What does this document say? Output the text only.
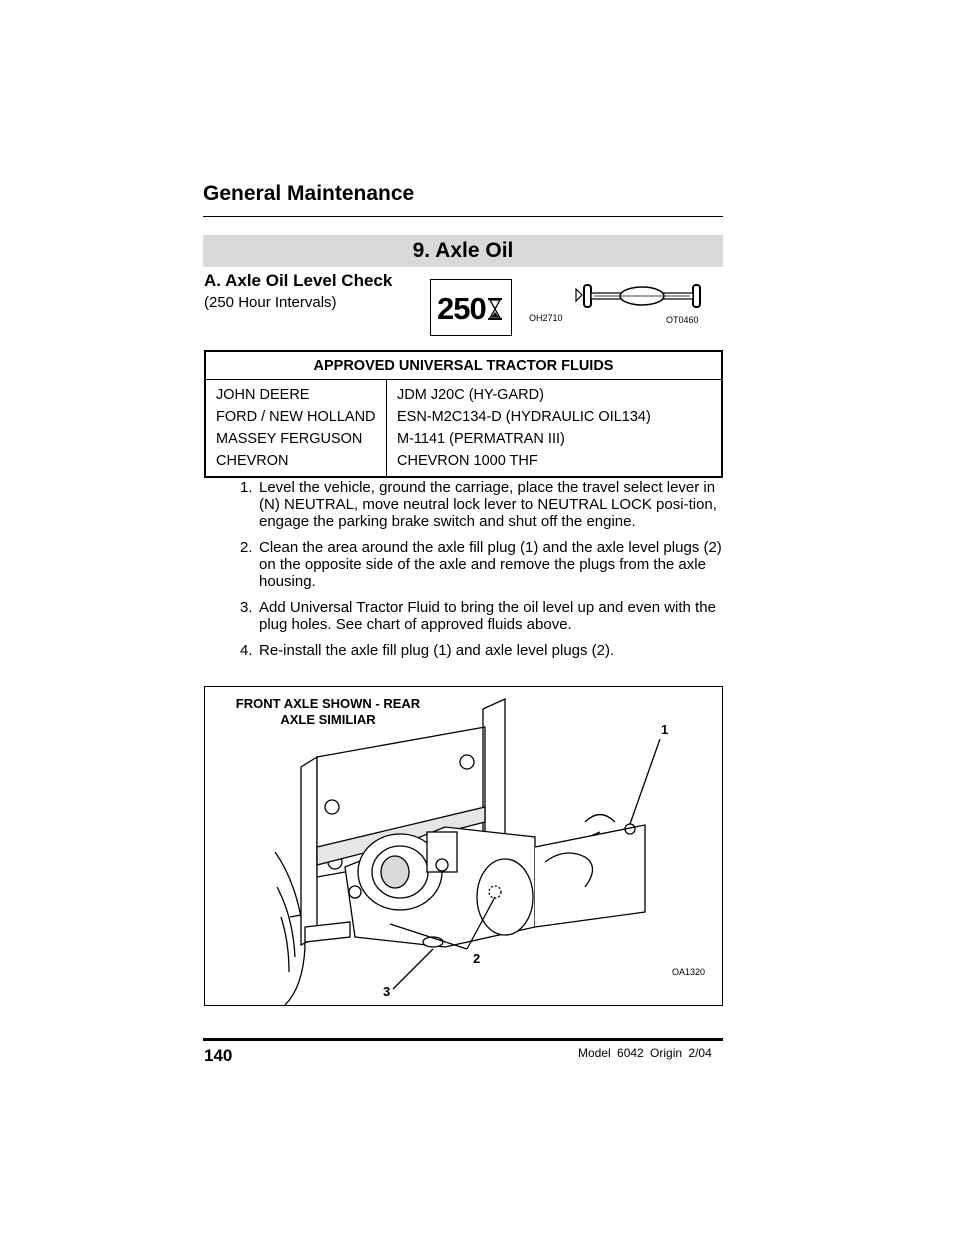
General Maintenance
9. Axle Oil
A. Axle Oil Level Check
(250 Hour Intervals)	250	OH2710	OT0460
APPROVED UNIVERSAL TRACTOR FLUIDS	
JOHN DEERE	JDM J20C (HY-GARD)
FORD / NEW HOLLAND	ESN-M2C134-D (HYDRAULIC OIL134)
MASSEY FERGUSON	M-1141 (PERMATRAN III)
CHEVRON	CHEVRON 1000 THF
1. Level the vehicle, ground the carriage, place the travel select lever in (N) NEUTRAL, move neutral lock lever to NEUTRAL LOCK posi-tion, engage the parking brake switch and shut off the engine.
2. Clean the area around the axle fill plug (1) and the axle level plugs (2) on the opposite side of the axle and remove the plugs from the axle housing.
3. Add Universal Tractor Fluid to bring the oil level up and even with the plug holes. See chart of approved fluids above.
4. Re-install the axle fill plug (1) and axle level plugs (2).
FRONT AXLE SHOWN - REAR
AXLE SIMILIAR
1
2
3
OA1320
140	Model 6042 Origin 2/04
